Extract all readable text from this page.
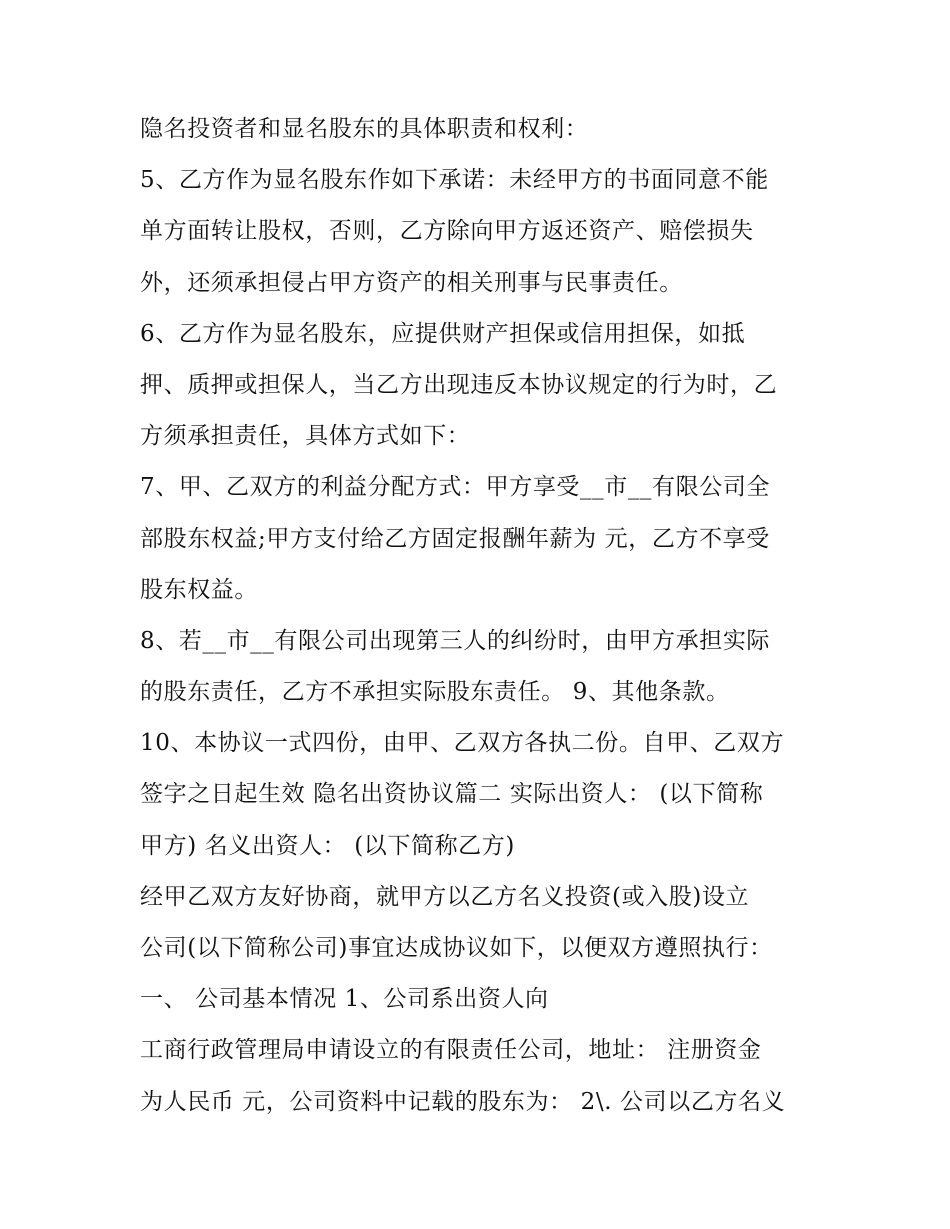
隐名投资者和显名股东的具体职责和权利：
5、乙方作为显名股东作如下承诺：未经甲方的书面同意不能
单方面转让股权，否则，乙方除向甲方返还资产、赔偿损失
外，还须承担侵占甲方资产的相关刑事与民事责任。
6、乙方作为显名股东，应提供财产担保或信用担保，如抵
押、质押或担保人，当乙方出现违反本协议规定的行为时，乙
方须承担责任，具体方式如下：
7、甲、乙双方的利益分配方式：甲方享受__市__有限公司全
部股东权益;甲方支付给乙方固定报酬年薪为 元，乙方不享受
股东权益。
8、若__市__有限公司出现第三人的纠纷时，由甲方承担实际
的股东责任，乙方不承担实际股东责任。 9、其他条款。
10、本协议一式四份，由甲、乙双方各执二份。自甲、乙双方
签字之日起生效 隐名出资协议篇二 实际出资人： (以下简称
甲方) 名义出资人： (以下简称乙方)
经甲乙双方友好协商，就甲方以乙方名义投资(或入股)设立
公司(以下简称公司)事宜达成协议如下，以便双方遵照执行：
一、 公司基本情况 1、公司系出资人向
工商行政管理局申请设立的有限责任公司，地址： 注册资金
为人民币 元，公司资料中记载的股东为： 2\. 公司以乙方名义
